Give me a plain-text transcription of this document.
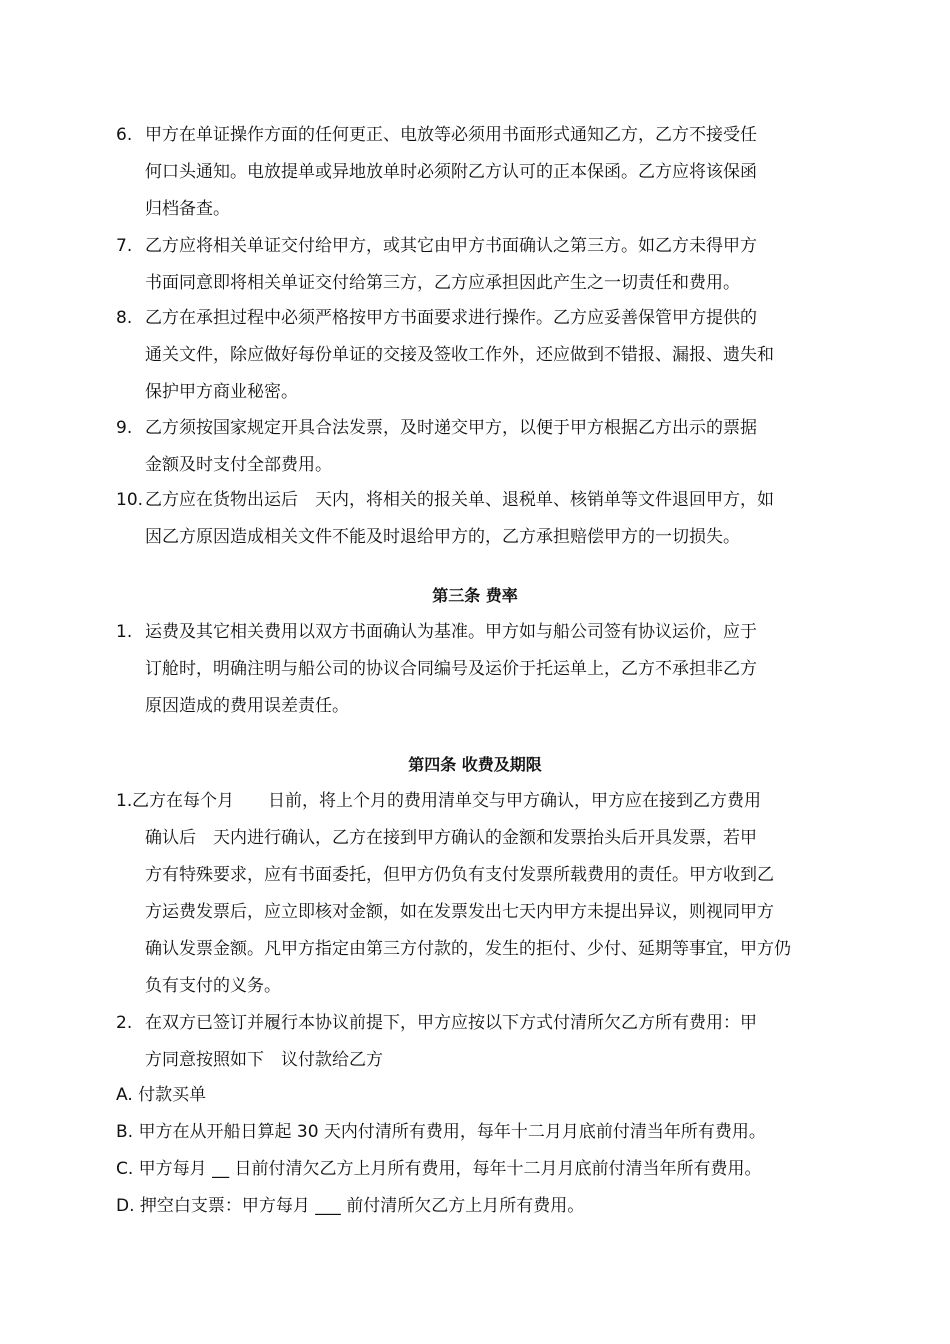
6. 甲方在单证操作方面的任何更正、电放等必须用书面形式通知乙方，乙方不接受任
何口头通知。电放提单或异地放单时必须附乙方认可的正本保函。乙方应将该保函
归档备查。
7. 乙方应将相关单证交付给甲方，或其它由甲方书面确认之第三方。如乙方未得甲方
书面同意即将相关单证交付给第三方，乙方应承担因此产生之一切责任和费用。
8. 乙方在承担过程中必须严格按甲方书面要求进行操作。乙方应妥善保管甲方提供的
通关文件，除应做好每份单证的交接及签收工作外，还应做到不错报、漏报、遗失和
保护甲方商业秘密。
9. 乙方须按国家规定开具合法发票，及时递交甲方，以便于甲方根据乙方出示的票据
金额及时支付全部费用。
10. 乙方应在货物出运后　天内，将相关的报关单、退税单、核销单等文件退回甲方，如
因乙方原因造成相关文件不能及时退给甲方的，乙方承担赔偿甲方的一切损失。
第三条 费率
1. 运费及其它相关费用以双方书面确认为基准。甲方如与船公司签有协议运价，应于
订舱时，明确注明与船公司的协议合同编号及运价于托运单上，乙方不承担非乙方
原因造成的费用误差责任。
第四条 收费及期限
1. 乙方在每个月　　日前，将上个月的费用清单交与甲方确认，甲方应在接到乙方费用
确认后　天内进行确认，乙方在接到甲方确认的金额和发票抬头后开具发票，若甲
方有特殊要求，应有书面委托，但甲方仍负有支付发票所载费用的责任。甲方收到乙
方运费发票后，应立即核对金额，如在发票发出七天内甲方未提出异议，则视同甲方
确认发票金额。凡甲方指定由第三方付款的，发生的拒付、少付、延期等事宜，甲方仍
负有支付的义务。
2. 在双方已签订并履行本协议前提下，甲方应按以下方式付清所欠乙方所有费用：甲
方同意按照如下　议付款给乙方
A. 付款买单
B. 甲方在从开船日算起 30 天内付清所有费用，每年十二月月底前付清当年所有费用。
C. 甲方每月 __ 日前付清欠乙方上月所有费用，每年十二月月底前付清当年所有费用。
D. 押空白支票：甲方每月 ___ 前付清所欠乙方上月所有费用。
